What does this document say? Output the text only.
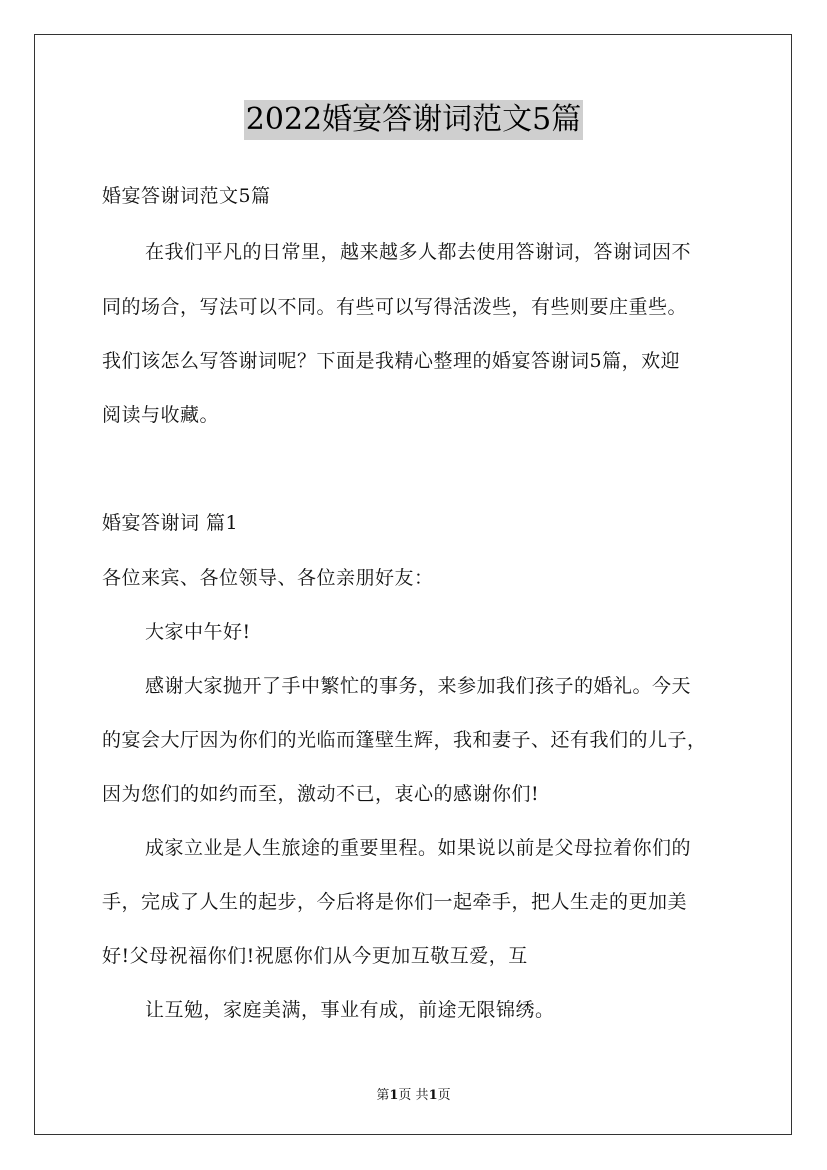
2022婚宴答谢词范文5篇
婚宴答谢词范文5篇
在我们平凡的日常里，越来越多人都去使用答谢词，答谢词因不
同的场合，写法可以不同。有些可以写得活泼些，有些则要庄重些。
我们该怎么写答谢词呢？下面是我精心整理的婚宴答谢词5篇，欢迎
阅读与收藏。
婚宴答谢词 篇1
各位来宾、各位领导、各位亲朋好友：
大家中午好!
感谢大家抛开了手中繁忙的事务，来参加我们孩子的婚礼。今天
的宴会大厅因为你们的光临而篷壁生辉，我和妻子、还有我们的儿子，
因为您们的如约而至，激动不已，衷心的感谢你们!
成家立业是人生旅途的重要里程。如果说以前是父母拉着你们的
手，完成了人生的起步，今后将是你们一起牵手，把人生走的更加美
好!父母祝福你们!祝愿你们从今更加互敬互爱，互
让互勉，家庭美满，事业有成，前途无限锦绣。
第1页 共1页
